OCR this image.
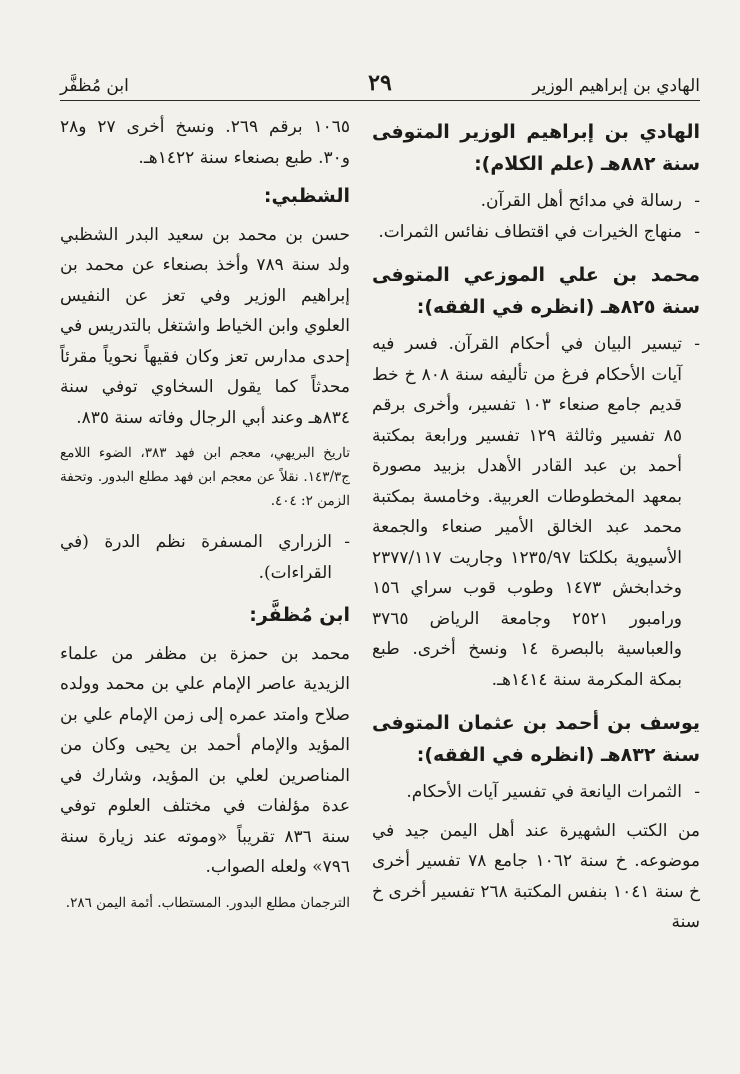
الهادي بن إبراهيم الوزير
٢٩
ابن مُظفَّر
الهادي بن إبراهيم الوزير المتوفى سنة ٨٨٢هـ (علم الكلام):
- رسالة في مدائح أهل القرآن.
- منهاج الخيرات في اقتطاف نفائس الثمرات.
محمد بن علي الموزعي المتوفى سنة ٨٢٥هـ (انظره في الفقه):
- تيسير البيان في أحكام القرآن. فسر فيه آيات الأحكام فرغ من تأليفه سنة ٨٠٨ خ خط قديم جامع صنعاء ١٠٣ تفسير، وأخرى برقم ٨٥ تفسير وثالثة ١٢٩ تفسير ورابعة بمكتبة أحمد بن عبد القادر الأهدل بزبيد مصورة بمعهد المخطوطات العربية. وخامسة بمكتبة محمد عبد الخالق الأمير صنعاء والجمعة الأسيوية بكلكتا ١٢٣٥/٩٧ وجاريت ٢٣٧٧/١١٧ وخدابخش ١٤٧٣ وطوب قوب سراي ١٥٦ ورامبور ٢٥٢١ وجامعة الرياض ٣٧٦٥ والعباسية بالبصرة ١٤ ونسخ أخرى. طبع بمكة المكرمة سنة ١٤١٤هـ.
يوسف بن أحمد بن عثمان المتوفى سنة ٨٣٢هـ (انظره في الفقه):
- الثمرات اليانعة في تفسير آيات الأحكام.
من الكتب الشهيرة عند أهل اليمن جيد في موضوعه. خ سنة ١٠٦٢ جامع ٧٨ تفسير أخرى خ سنة ١٠٤١ بنفس المكتبة ٢٦٨ تفسير أخرى خ سنة
١٠٦٥ برقم ٢٦٩. ونسخ أخرى ٢٧ و٢٨ و٣٠. طبع بصنعاء سنة ١٤٢٢هـ.
الشظبي:
حسن بن محمد بن سعيد البدر الشظبي ولد سنة ٧٨٩ وأخذ بصنعاء عن محمد بن إبراهيم الوزير وفي تعز عن النفيس العلوي وابن الخياط واشتغل بالتدريس في إحدى مدارس تعز وكان فقيهاً نحوياً مقرئاً محدثاً كما يقول السخاوي توفي سنة ٨٣٤هـ وعند أبي الرجال وفاته سنة ٨٣٥.
تاريخ البريهي، معجم ابن فهد ٣٨٣، الضوء اللامع ج١٤٣/٣. نقلاً عن معجم ابن فهد مطلع البدور. وتحفة الزمن ٢: ٤٠٤.
- الزراري المسفرة نظم الدرة (في القراءات).
ابن مُظفَّر:
محمد بن حمزة بن مظفر من علماء الزيدية عاصر الإمام علي بن محمد وولده صلاح وامتد عمره إلى زمن الإمام علي بن المؤيد والإمام أحمد بن يحيى وكان من المناصرين لعلي بن المؤيد، وشارك في عدة مؤلفات في مختلف العلوم توفي سنة ٨٣٦ تقريباً «وموته عند زيارة سنة ٧٩٦» ولعله الصواب.
الترجمان مطلع البدور. المستطاب. أئمة اليمن ٢٨٦.
